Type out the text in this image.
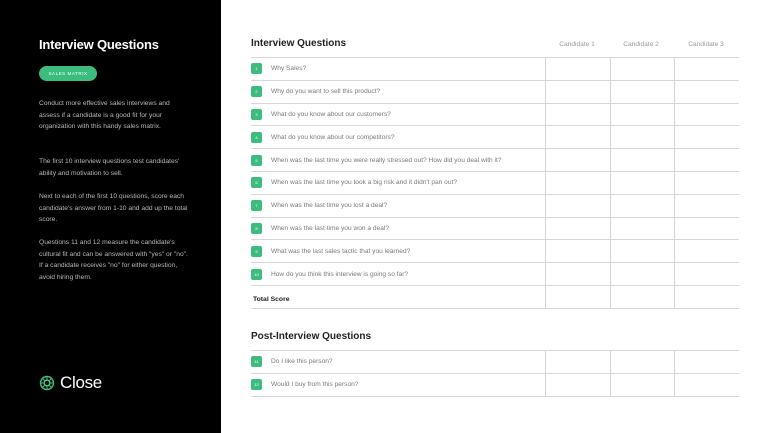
Interview Questions
SALES MATRIX

Conduct more effective sales interviews and assess if a candidate is a good fit for your organization with this handy sales matrix.

The first 10 interview questions test candidates' ability and motivation to sell.

Next to each of the first 10 questions, score each candidate's answer from 1-10 and add up the total score.

Questions 11 and 12 measure the candidate's cultural fit and can be answered with "yes" or "no". If a candidate receives "no" for either question, avoid hiring them.

Close
Interview Questions	Candidate 1	Candidate 2	Candidate 3
1 Why Sales?			

2 Why do you want to sell this product?			

3 What do you know about our customers?			

4 What do you know about our competitors?			

5 When was the last time you were really stressed out? How did you deal with it?			

6 When was the last time you took a big risk and it didn't pan out?			

7 When was the last time you lost a deal?			

8 When was the last time you won a deal?			

9 What was the last sales tactic that you learned?			

10 How do you think this interview is going so far?			

Total Score			
Post-Interview Questions
11 Do I like this person?			

12 Would I buy from this person?			
